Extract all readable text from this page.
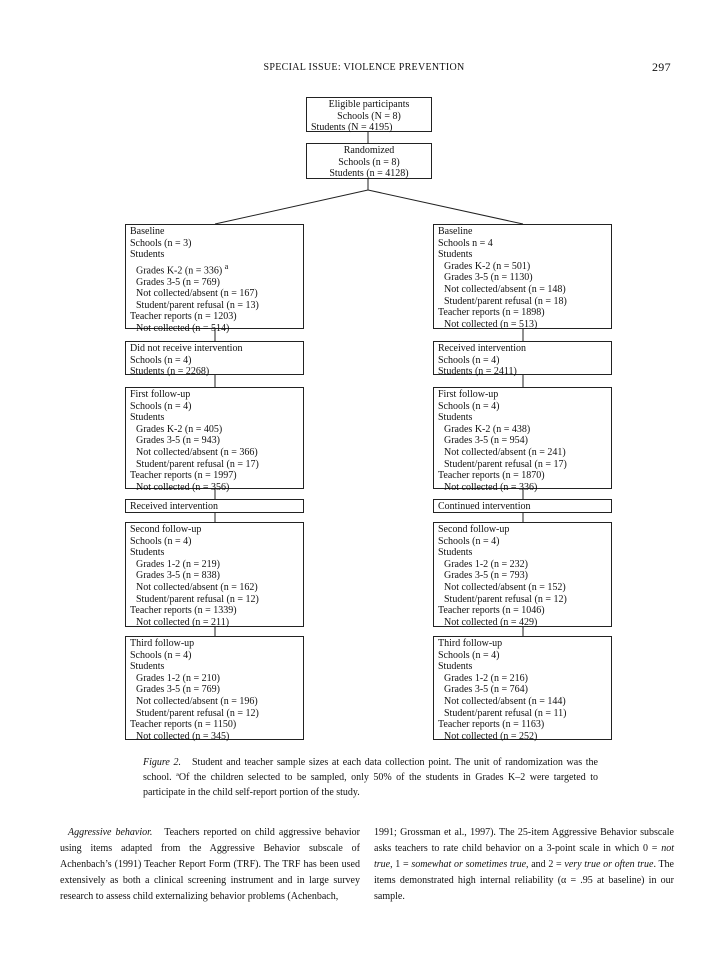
SPECIAL ISSUE: VIOLENCE PREVENTION	297
Eligible participants
Schools (N = 8)
Students (N = 4195)
Randomized
Schools (n = 8)
Students (n = 4128)
Baseline
Schools (n = 3)
Students
Grades K-2 (n = 336) $^a$
Grades 3-5 (n = 769)
Not collected/absent (n = 167)
Student/parent refusal (n = 13)
Teacher reports (n = 1203)
Not collected (n = 514)
Did not receive intervention
Schools (n = 4)
Students (n = 2268)
First follow-up
Schools (n = 4)
Students
Grades K-2 (n = 405)
Grades 3-5 (n = 943)
Not collected/absent (n = 366)
Student/parent refusal (n = 17)
Teacher reports (n = 1997)
Not collected (n = 356)
Received intervention
Second follow-up
Schools (n = 4)
Students
Grades 1-2 (n = 219)
Grades 3-5 (n = 838)
Not collected/absent (n = 162)
Student/parent refusal (n = 12)
Teacher reports (n = 1339)
Not collected (n = 211)
Third follow-up
Schools (n = 4)
Students
Grades 1-2 (n = 210)
Grades 3-5 (n = 769)
Not collected/absent (n = 196)
Student/parent refusal (n = 12)
Teacher reports (n = 1150)
Not collected (n = 345)
Baseline
Schools n = 4
Students
Grades K-2 (n = 501)
Grades 3-5 (n = 1130)
Not collected/absent (n = 148)
Student/parent refusal (n = 18)
Teacher reports (n = 1898)
Not collected (n = 513)
Received intervention
Schools (n = 4)
Students (n = 2411)
First follow-up
Schools (n = 4)
Students
Grades K-2 (n = 438)
Grades 3-5 (n = 954)
Not collected/absent (n = 241)
Student/parent refusal (n = 17)
Teacher reports (n = 1870)
Not collected (n = 336)
Continued intervention
Second follow-up
Schools (n = 4)
Students
Grades 1-2 (n = 232)
Grades 3-5 (n = 793)
Not collected/absent (n = 152)
Student/parent refusal (n = 12)
Teacher reports (n = 1046)
Not collected (n = 429)
Third follow-up
Schools (n = 4)
Students
Grades 1-2 (n = 216)
Grades 3-5 (n = 764)
Not collected/absent (n = 144)
Student/parent refusal (n = 11)
Teacher reports (n = 1163)
Not collected (n = 252)
Figure 2. Student and teacher sample sizes at each data collection point. The unit of randomization was the school. ªOf the children selected to be sampled, only 50% of the students in Grades K–2 were targeted to participate in the child self-report portion of the study.
Aggressive behavior. Teachers reported on child aggressive behavior using items adapted from the Aggressive Behavior subscale of Achenbach’s (1991) Teacher Report Form (TRF). The TRF has been used extensively as both a clinical screening instrument and in large survey research to assess child externalizing behavior problems (Achenbach,
1991; Grossman et al., 1997). The 25-item Aggressive Behavior subscale asks teachers to rate child behavior on a 3-point scale in which 0 = not true, 1 = somewhat or sometimes true, and 2 = very true or often true. The items demonstrated high internal reliability (α = .95 at baseline) in our sample.
